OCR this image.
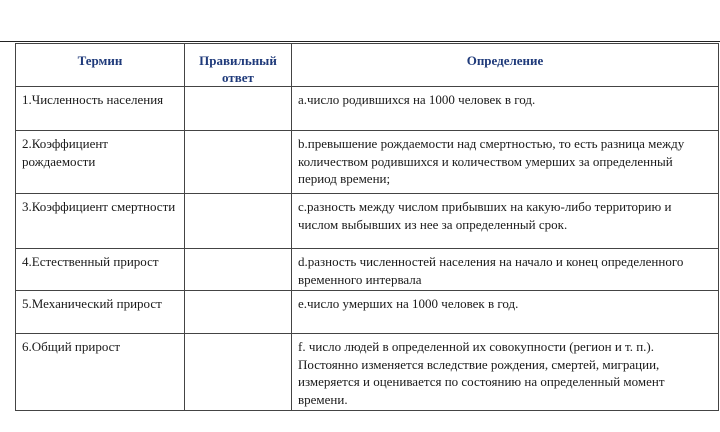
Термин	Правильный ответ	Определение
1.Численность населения		a.число родившихся на 1000 человек в год.
2.Коэффициент рождаемости		b.превышение рождаемости над смертностью, то есть разница между количеством родившихся и количеством умерших за определенный период времени;
3.Коэффициент смертности		c.разность между числом прибывших на какую-либо территорию и числом выбывших из нее за определенный срок.
4.Естественный прирост		d.разность численностей населения на начало и конец определенного временного интервала
5.Механический прирост		e.число умерших на 1000 человек в год.
6.Общий прирост		f. число людей в определенной их совокупности (регион и т. п.). Постоянно изменяется вследствие рождения, смертей, миграции, измеряется и оценивается по состоянию на определенный момент времени.
